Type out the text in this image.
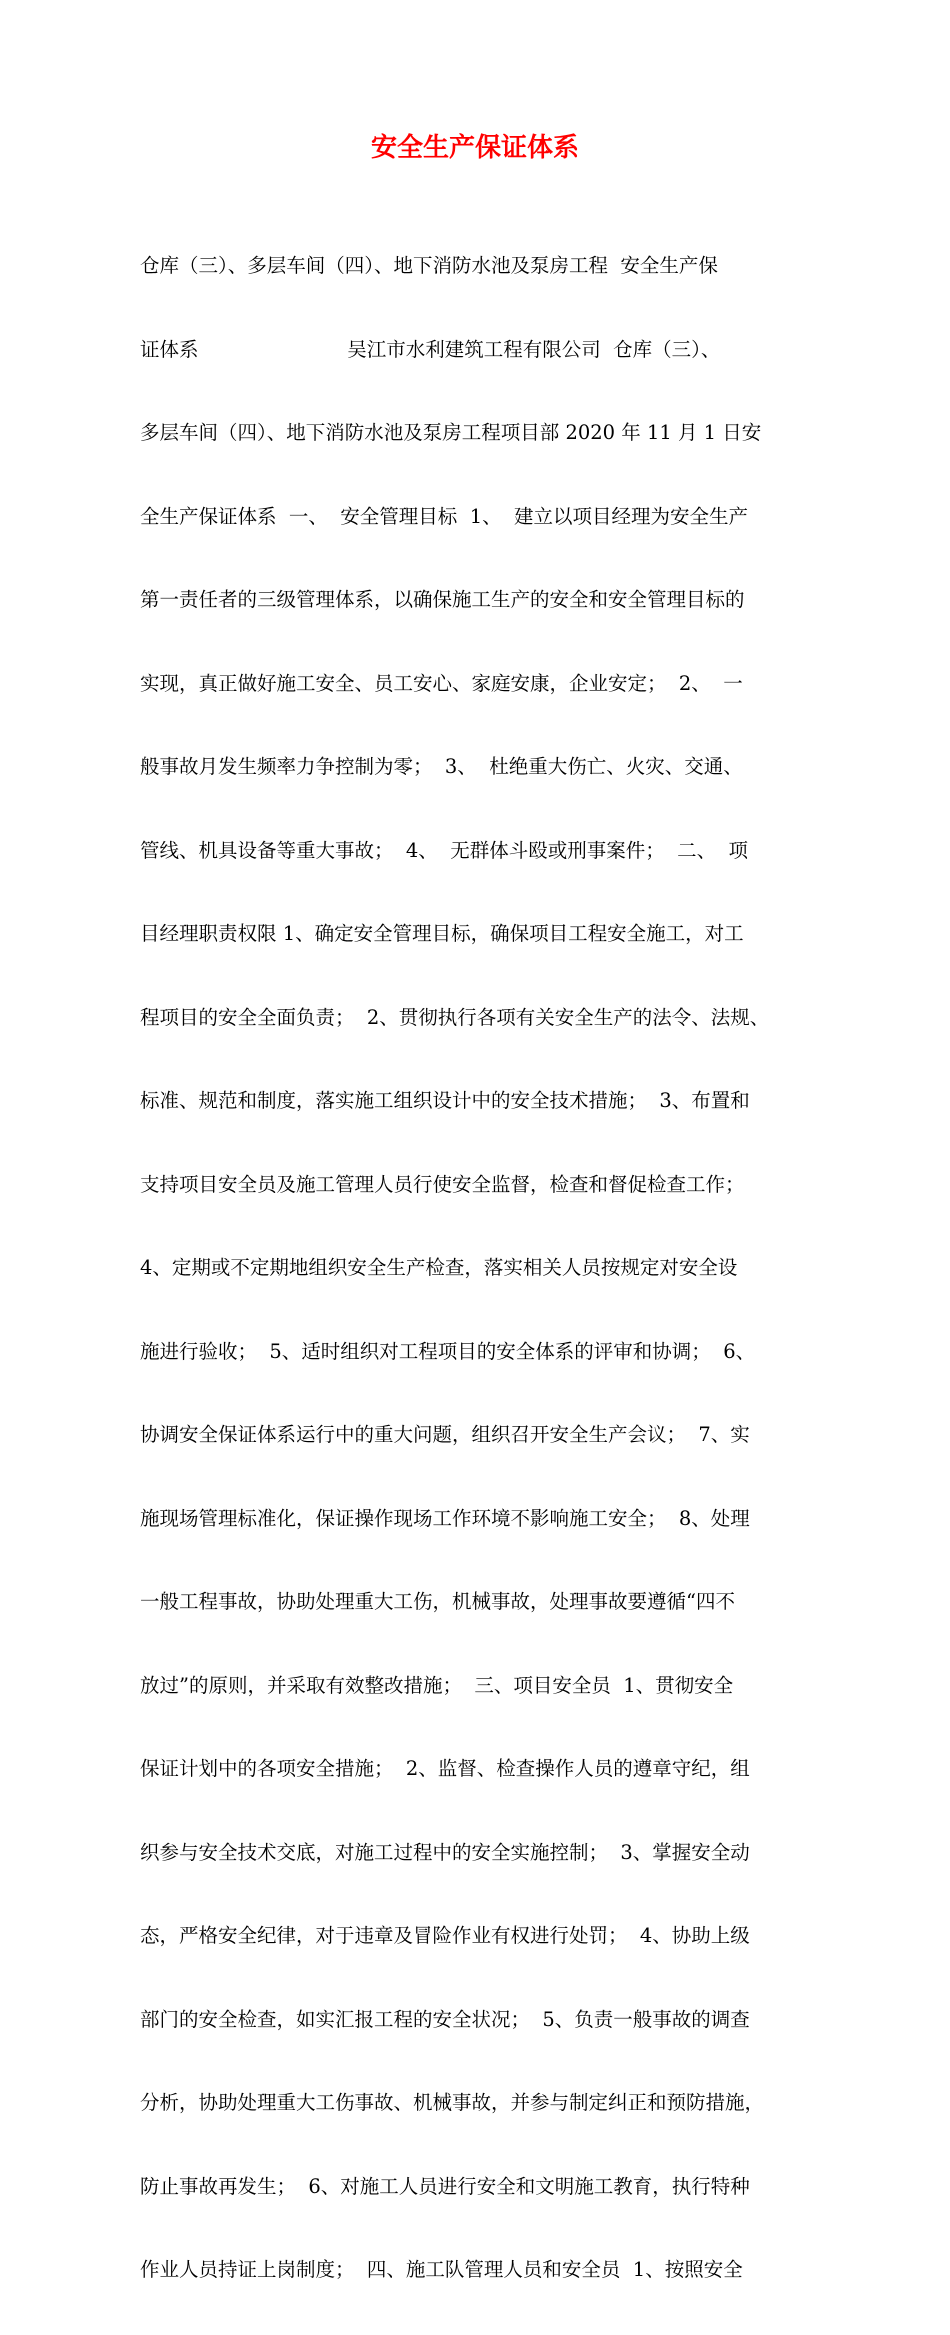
安全生产保证体系

仓库（三）、多层车间（四）、地下消防水池及泵房工程  安全生产保

证体系                        吴江市水利建筑工程有限公司  仓库（三）、

多层车间（四）、地下消防水池及泵房工程项目部 2020 年 11 月 1 日安

全生产保证体系  一、  安全管理目标  1、  建立以项目经理为安全生产

第一责任者的三级管理体系，以确保施工生产的安全和安全管理目标的

实现，真正做好施工安全、员工安心、家庭安康，企业安定；  2、  一

般事故月发生频率力争控制为零；  3、  杜绝重大伤亡、火灾、交通、

管线、机具设备等重大事故；  4、  无群体斗殴或刑事案件；  二、  项

目经理职责权限 1、确定安全管理目标，确保项目工程安全施工，对工

程项目的安全全面负责；  2、贯彻执行各项有关安全生产的法令、法规、

标准、规范和制度，落实施工组织设计中的安全技术措施；  3、布置和

支持项目安全员及施工管理人员行使安全监督，检查和督促检查工作；

4、定期或不定期地组织安全生产检查，落实相关人员按规定对安全设

施进行验收；  5、适时组织对工程项目的安全体系的评审和协调；  6、

协调安全保证体系运行中的重大问题，组织召开安全生产会议；  7、实

施现场管理标准化，保证操作现场工作环境不影响施工安全；  8、处理

一般工程事故，协助处理重大工伤，机械事故，处理事故要遵循“四不

放过”的原则，并采取有效整改措施；  三、项目安全员  1、贯彻安全

保证计划中的各项安全措施；  2、监督、检查操作人员的遵章守纪，组

织参与安全技术交底，对施工过程中的安全实施控制；  3、掌握安全动

态，严格安全纪律，对于违章及冒险作业有权进行处罚；  4、协助上级

部门的安全检查，如实汇报工程的安全状况；  5、负责一般事故的调查

分析，协助处理重大工伤事故、机械事故，并参与制定纠正和预防措施，

防止事故再发生；  6、对施工人员进行安全和文明施工教育，执行特种

作业人员持证上岗制度；  四、施工队管理人员和安全员  1、按照安全
